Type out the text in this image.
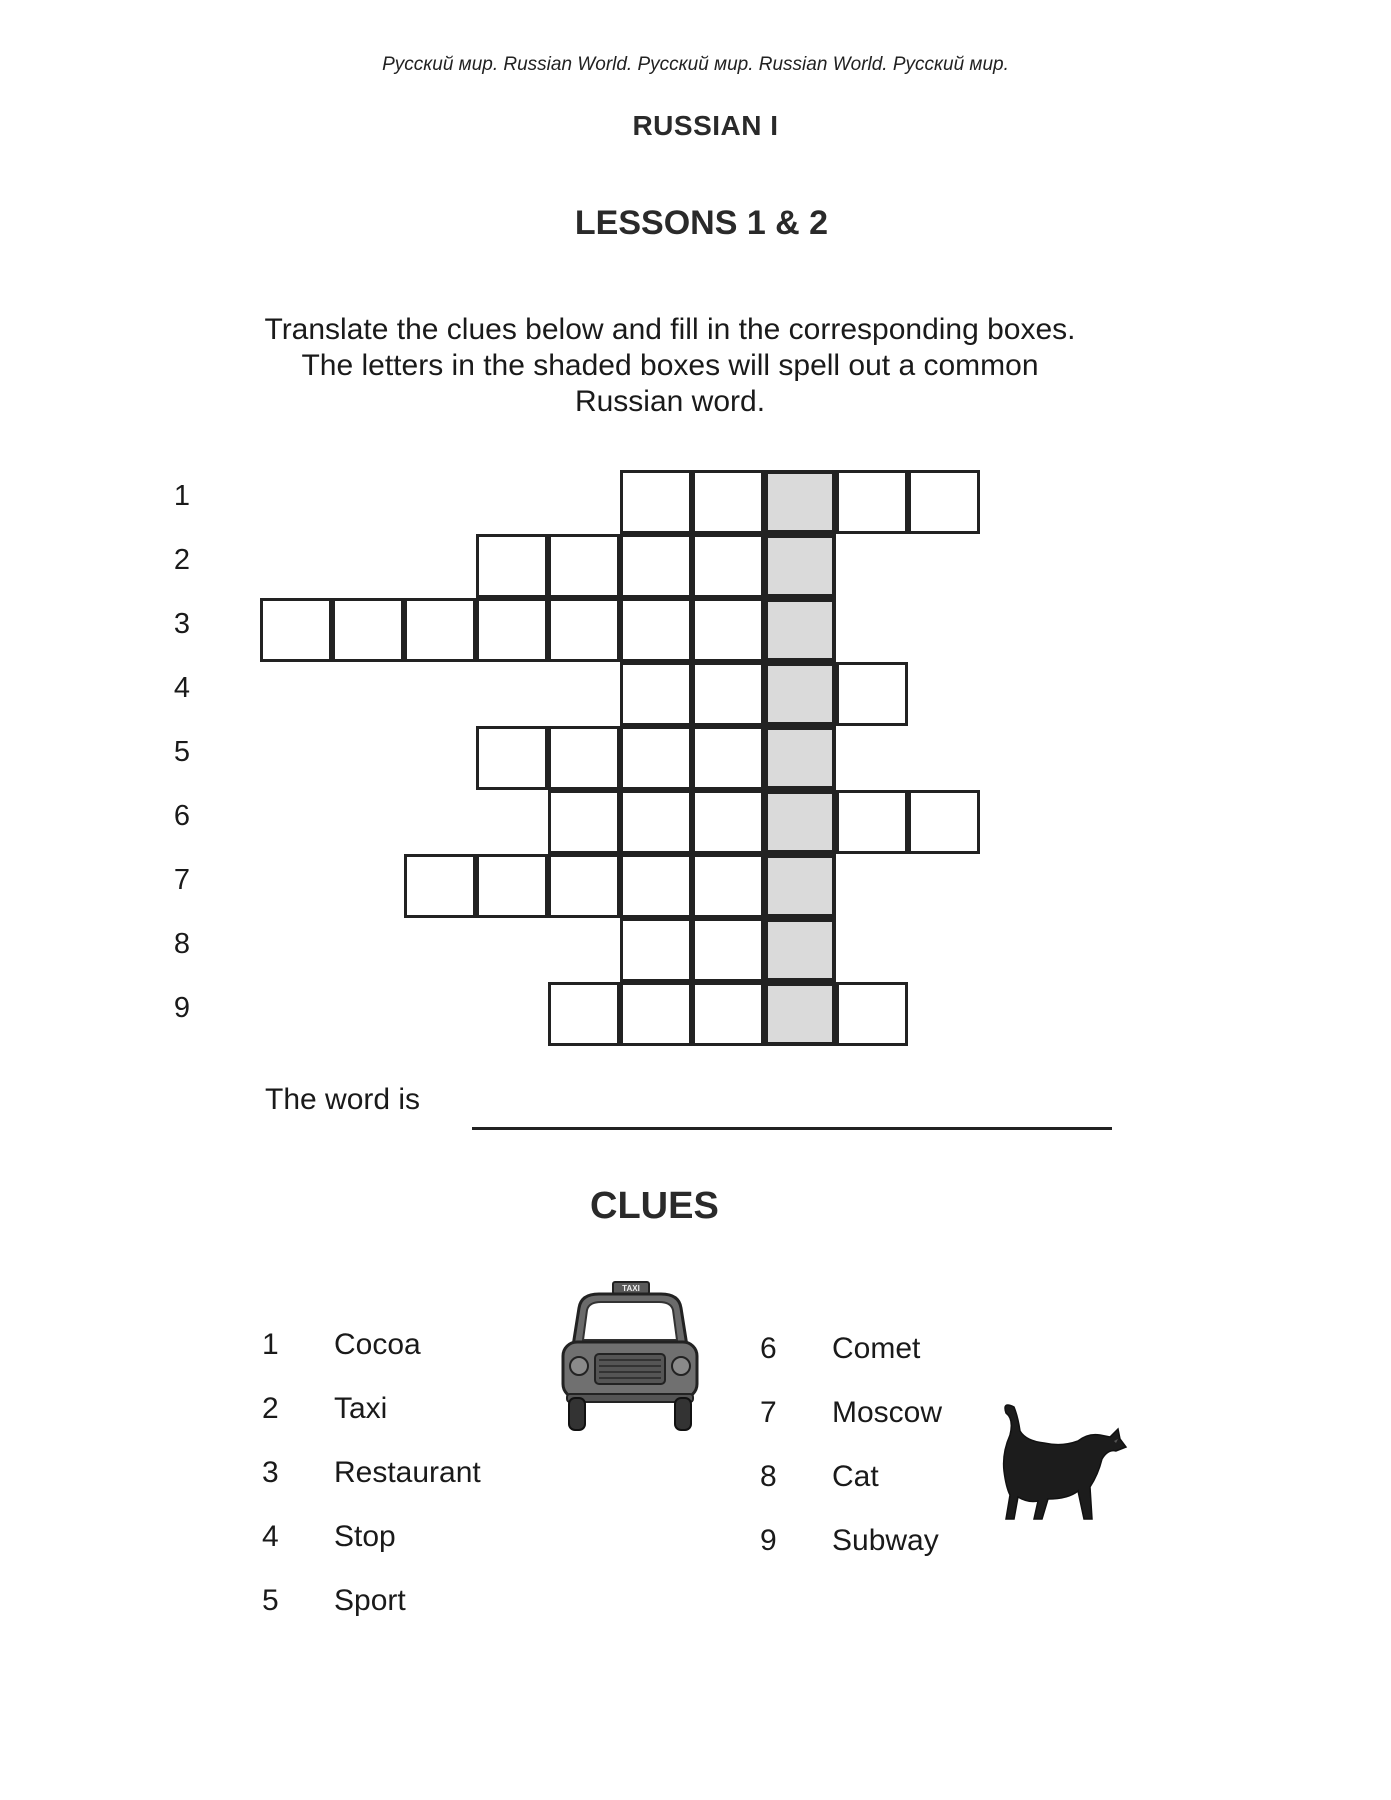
Русский мир. Russian World. Русский мир. Russian World. Русский мир.
RUSSIAN I
LESSONS 1 & 2
Translate the clues below and fill in the corresponding boxes.
The letters in the shaded boxes will spell out a common
Russian word.
1
2
3
4
5
6
7
8
9
The word is
CLUES
1 Cocoa
2 Taxi
3 Restaurant
4 Stop
5 Sport
6 Comet
7 Moscow
8 Cat
9 Subway
TAXI
